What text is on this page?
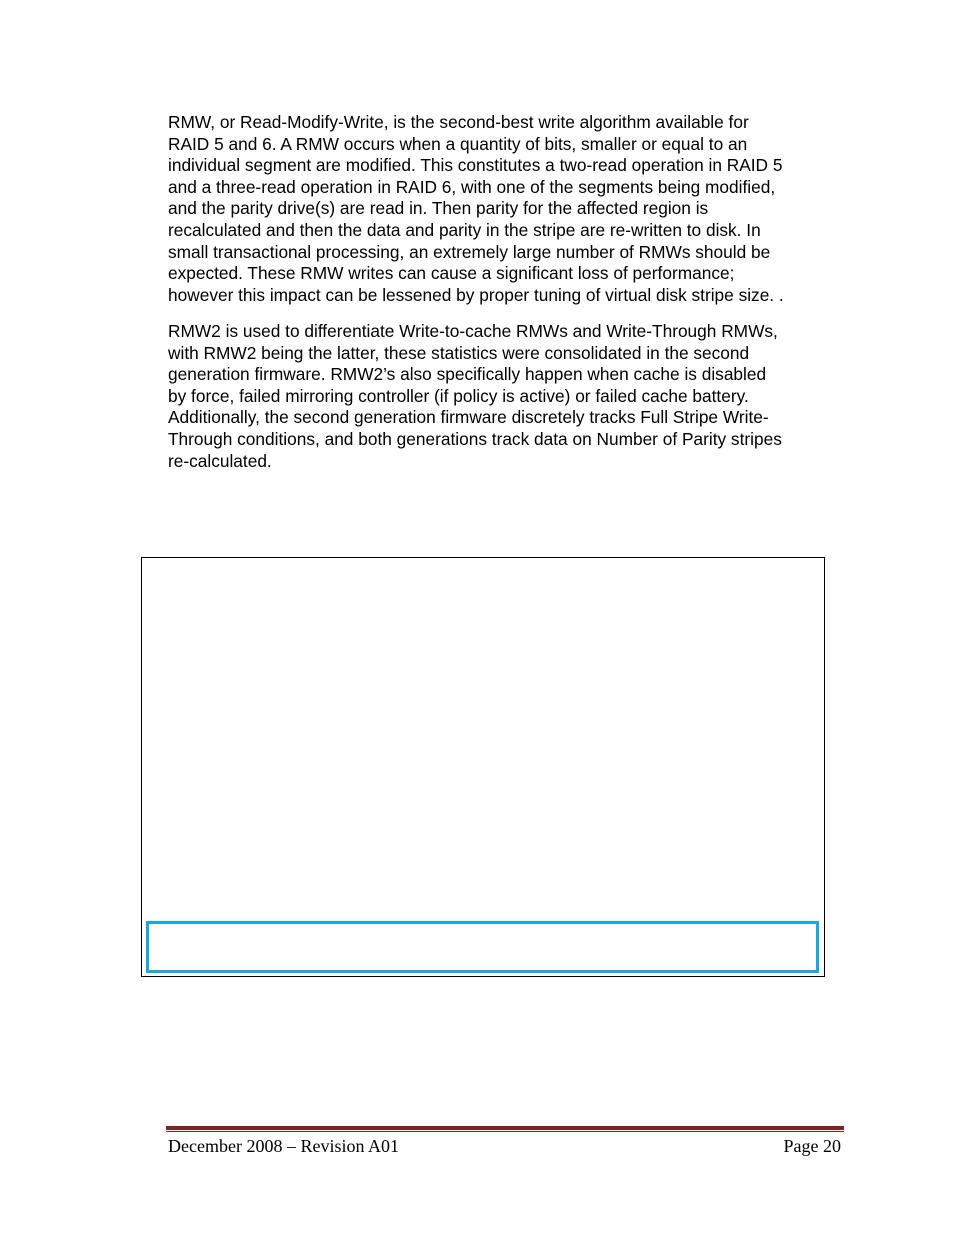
RMW, or Read-Modify-Write, is the second-best write algorithm available for
RAID 5 and 6. A RMW occurs when a quantity of bits, smaller or equal to an
individual segment are modified. This constitutes a two-read operation in RAID 5
and a three-read operation in RAID 6, with one of the segments being modified,
and the parity drive(s) are read in. Then parity for the affected region is
recalculated and then the data and parity in the stripe are re-written to disk. In
small transactional processing, an extremely large number of RMWs should be
expected. These RMW writes can cause a significant loss of performance;
however this impact can be lessened by proper tuning of virtual disk stripe size. .

RMW2 is used to differentiate Write-to-cache RMWs and Write-Through RMWs,
with RMW2 being the latter, these statistics were consolidated in the second
generation firmware. RMW2’s also specifically happen when cache is disabled
by force, failed mirroring controller (if policy is active) or failed cache battery.
Additionally, the second generation firmware discretely tracks Full Stripe Write-
Through conditions, and both generations track data on Number of Parity stripes
re-calculated.

December 2008 – Revision A01	Page 20
